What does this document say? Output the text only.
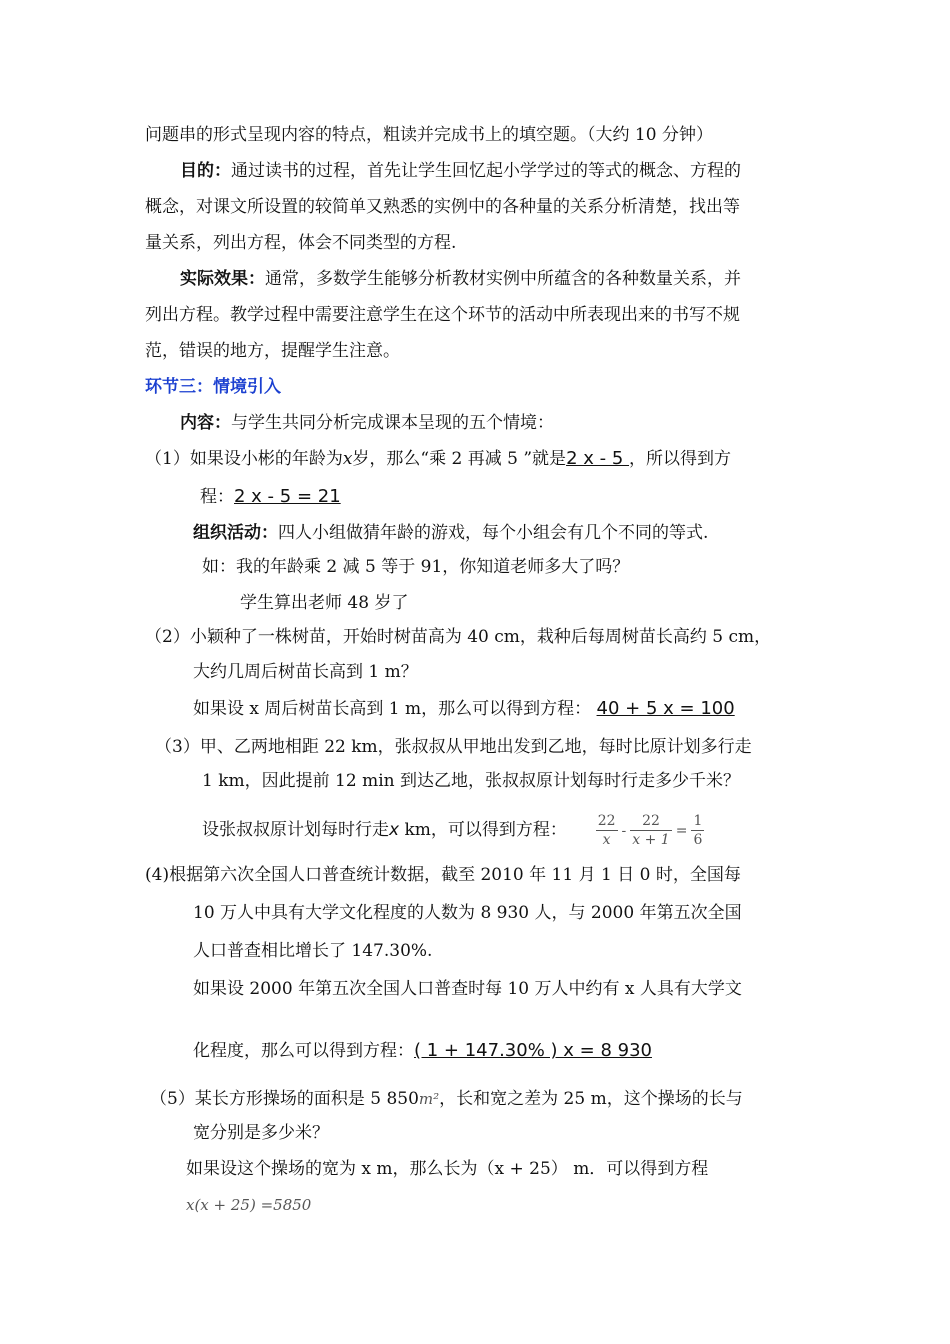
问题串的形式呈现内容的特点，粗读并完成书上的填空题。（大约 10 分钟）
目的：通过读书的过程，首先让学生回忆起小学学过的等式的概念、方程的
概念，对课文所设置的较简单又熟悉的实例中的各种量的关系分析清楚，找出等
量关系，列出方程，体会不同类型的方程.
实际效果：通常，多数学生能够分析教材实例中所蕴含的各种数量关系，并
列出方程。教学过程中需要注意学生在这个环节的活动中所表现出来的书写不规
范，错误的地方，提醒学生注意。
环节三：情境引入
内容：与学生共同分析完成课本呈现的五个情境：
（1）如果设小彬的年龄为x岁，那么“乘 2 再减 5 ”就是2 x - 5 ，所以得到方
程：2 x - 5 = 21
组织活动：四人小组做猜年龄的游戏，每个小组会有几个不同的等式.
如：我的年龄乘 2 减 5 等于 91，你知道老师多大了吗？
学生算出老师 48 岁了
（2）小颖种了一株树苗，开始时树苗高为 40 cm，栽种后每周树苗长高约 5 cm，
大约几周后树苗长高到 1 m？
如果设 x 周后树苗长高到 1 m，那么可以得到方程： 40 + 5 x = 100
（3）甲、乙两地相距 22 km，张叔叔从甲地出发到乙地，每时比原计划多行走
1 km，因此提前 12 min 到达乙地，张叔叔原计划每时行走多少千米？
设张叔叔原计划每时行走x km，可以得到方程： $\frac{22}{x} - \frac{22}{x + 1} = \frac{1}{6}$
(4)根据第六次全国人口普查统计数据，截至 2010 年 11 月 1 日 0 时，全国每
10 万人中具有大学文化程度的人数为 8 930 人，与 2000 年第五次全国
人口普查相比增长了 147.30%.
如果设 2000 年第五次全国人口普查时每 10 万人中约有 x 人具有大学文
化程度，那么可以得到方程：( 1 + 147.30% ) x = 8 930
（5）某长方形操场的面积是 5 850m²，长和宽之差为 25 m，这个操场的长与
宽分别是多少米？
如果设这个操场的宽为 x m，那么长为（x + 25） m．可以得到方程
x(x + 25) =5850
